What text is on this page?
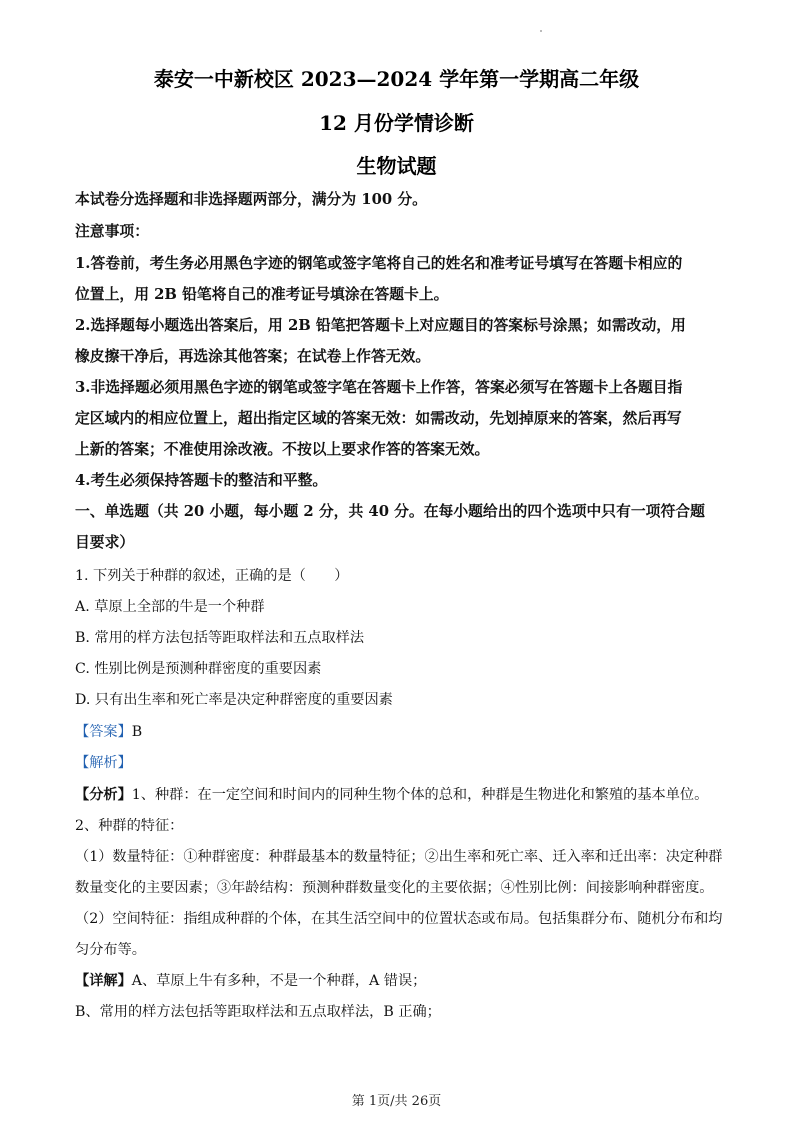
泰安一中新校区 2023—2024 学年第一学期高二年级
12 月份学情诊断
生物试题
本试卷分选择题和非选择题两部分，满分为 100 分。
注意事项：
1.答卷前，考生务必用黑色字迹的钢笔或签字笔将自己的姓名和准考证号填写在答题卡相应的
位置上，用 2B 铅笔将自己的准考证号填涂在答题卡上。
2.选择题每小题选出答案后，用 2B 铅笔把答题卡上对应题目的答案标号涂黑；如需改动，用
橡皮擦干净后，再选涂其他答案；在试卷上作答无效。
3.非选择题必须用黑色字迹的钢笔或签字笔在答题卡上作答，答案必须写在答题卡上各题目指
定区域内的相应位置上，超出指定区域的答案无效：如需改动，先划掉原来的答案，然后再写
上新的答案；不准使用涂改液。不按以上要求作答的答案无效。
4.考生必须保持答题卡的整洁和平整。
一、单选题（共 20 小题，每小题 2 分，共 40 分。在每小题给出的四个选项中只有一项符合题
目要求）
1. 下列关于种群的叙述，正确的是（　　）
A. 草原上全部的牛是一个种群
B. 常用的样方法包括等距取样法和五点取样法
C. 性别比例是预测种群密度的重要因素
D. 只有出生率和死亡率是决定种群密度的重要因素
【答案】B
【解析】
【分析】1、种群：在一定空间和时间内的同种生物个体的总和，种群是生物进化和繁殖的基本单位。
2、种群的特征：
（1）数量特征：①种群密度：种群最基本的数量特征；②出生率和死亡率、迁入率和迁出率：决定种群
数量变化的主要因素；③年龄结构：预测种群数量变化的主要依据；④性别比例：间接影响种群密度。
（2）空间特征：指组成种群的个体，在其生活空间中的位置状态或布局。包括集群分布、随机分布和均
匀分布等。
【详解】A、草原上牛有多种，不是一个种群，A 错误；
B、常用的样方法包括等距取样法和五点取样法，B 正确；
第 1页/共 26页
